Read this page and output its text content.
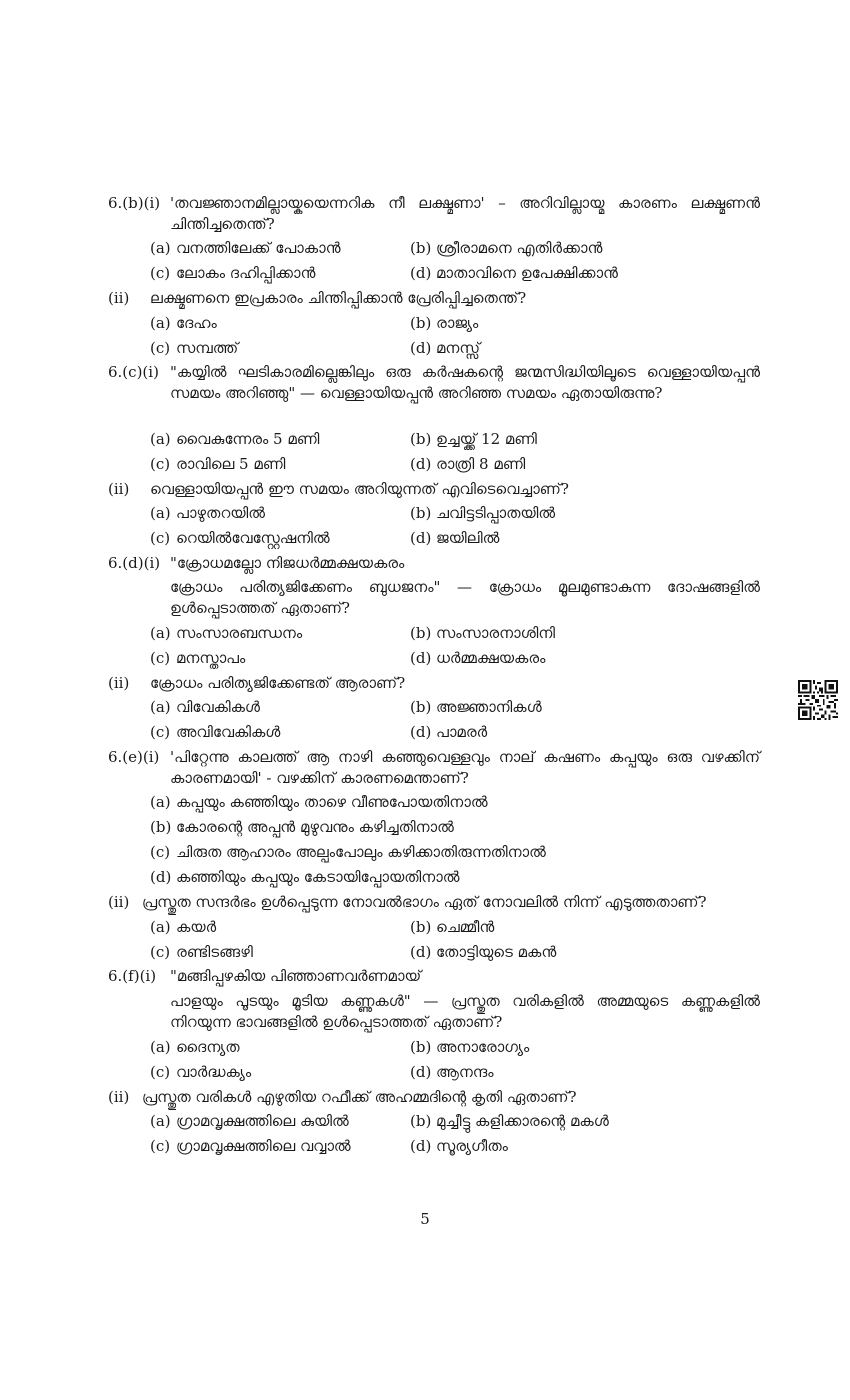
6.(b)(i) 'തവജ്ഞാനമില്ലായ്കയെന്നറിക നീ ലക്ഷ്മണാ' – അറിവില്ലായ്മ കാരണം ലക്ഷ്മണൻ ചിന്തിച്ചതെന്ത്?
(a) വനത്തിലേക്ക് പോകാൻ	(b) ശ്രീരാമനെ എതിർക്കാൻ
(c) ലോകം ദഹിപ്പിക്കാൻ	(d) മാതാവിനെ ഉപേക്ഷിക്കാൻ
(ii) ലക്ഷ്മണനെ ഇപ്രകാരം ചിന്തിപ്പിക്കാൻ പ്രേരിപ്പിച്ചതെന്ത്?
(a) ദേഹം	(b) രാജ്യം
(c) സമ്പത്ത്	(d) മനസ്സ്
6.(c)(i) "കയ്യിൽ ഘടികാരമില്ലെങ്കിലും ഒരു കർഷകന്റെ ജന്മസിദ്ധിയിലൂടെ വെള്ളായിയപ്പൻ സമയം അറിഞ്ഞു" — വെള്ളായിയപ്പൻ അറിഞ്ഞ സമയം ഏതായിരുന്നു?
(a) വൈകുന്നേരം 5 മണി	(b) ഉച്ചയ്ക്ക് 12 മണി
(c) രാവിലെ 5 മണി	(d) രാത്രി 8 മണി
(ii) വെള്ളായിയപ്പൻ ഈ സമയം അറിയുന്നത് എവിടെവെച്ചാണ്?
(a) പാഴുതറയിൽ	(b) ചവിട്ടടിപ്പാതയിൽ
(c) റെയിൽവേസ്റ്റേഷനിൽ	(d) ജയിലിൽ
6.(d)(i) "ക്രോധമല്ലോ നിജധർമ്മക്ഷയകരം
ക്രോധം പരിത്യജിക്കേണം ബുധജനം" — ക്രോധം മൂലമുണ്ടാകുന്ന ദോഷങ്ങളിൽ ഉൾപ്പെടാത്തത് ഏതാണ്?
(a) സംസാരബന്ധനം	(b) സംസാരനാശിനി
(c) മനസ്താപം	(d) ധർമ്മക്ഷയകരം
(ii) ക്രോധം പരിത്യജിക്കേണ്ടത് ആരാണ്?
(a) വിവേകികൾ	(b) അജ്ഞാനികൾ
(c) അവിവേകികൾ	(d) പാമരർ
6.(e)(i) 'പിറ്റേന്നു കാലത്ത് ആ നാഴി കഞ്ഞുവെള്ളവും നാല് കഷണം കപ്പയും ഒരു വഴക്കിന് കാരണമായി' - വഴക്കിന് കാരണമെന്താണ്?
(a) കപ്പയും കഞ്ഞിയും താഴെ വീണുപോയതിനാൽ
(b) കോരന്റെ അപ്പൻ മുഴുവനും കഴിച്ചതിനാൽ
(c) ചിരുത ആഹാരം അല്പംപോലും കഴിക്കാതിരുന്നതിനാൽ
(d) കഞ്ഞിയും കപ്പയും കേടായിപ്പോയതിനാൽ
(ii) പ്രസ്തുത സന്ദർഭം ഉൾപ്പെടുന്ന നോവൽഭാഗം ഏത് നോവലിൽ നിന്ന് എടുത്തതാണ്?
(a) കയർ	(b) ചെമ്മീൻ
(c) രണ്ടിടങ്ങഴി	(d) തോട്ടിയുടെ മകൻ
6.(f)(i) "മങ്ങിപ്പഴകിയ പിഞ്ഞാണവർണമായ്
പാളയും പൂടയും മൂടിയ കണ്ണുകൾ" — പ്രസ്തുത വരികളിൽ അമ്മയുടെ കണ്ണുകളിൽ നിറയുന്ന ഭാവങ്ങളിൽ ഉൾപ്പെടാത്തത് ഏതാണ്?
(a) ദൈന്യത	(b) അനാരോഗ്യം
(c) വാർദ്ധക്യം	(d) ആനന്ദം
(ii) പ്രസ്തുത വരികൾ എഴുതിയ റഫീക്ക് അഹമ്മദിന്റെ കൃതി ഏതാണ്?
(a) ഗ്രാമവൃക്ഷത്തിലെ കുയിൽ	(b) മുച്ചീട്ടു കളിക്കാരന്റെ മകൾ
(c) ഗ്രാമവൃക്ഷത്തിലെ വവ്വാൽ	(d) സൂര്യഗീതം
5
